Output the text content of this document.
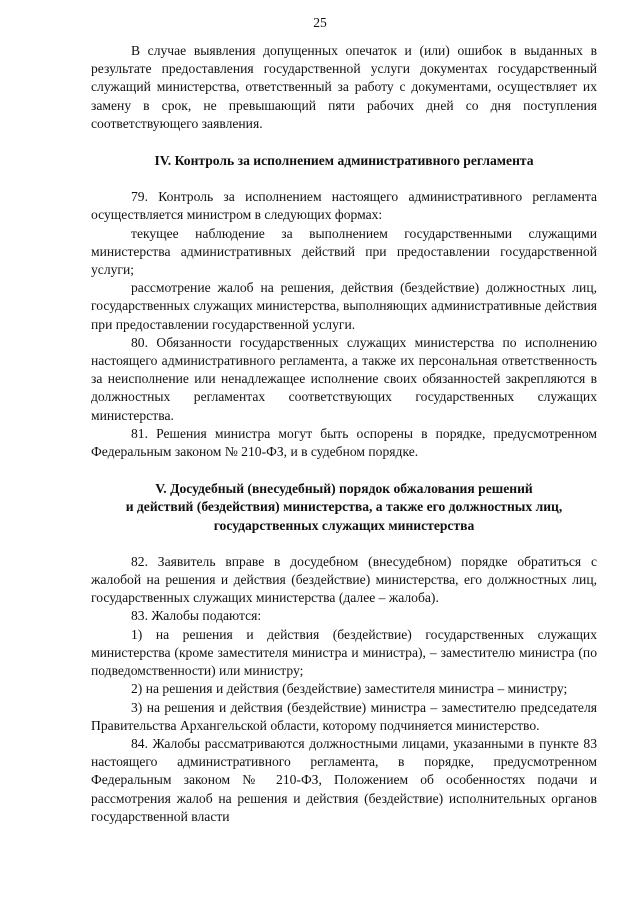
25

В случае выявления допущенных опечаток и (или) ошибок в выданных в результате предоставления государственной услуги документах государственный служащий министерства, ответственный за работу с документами, осуществляет их замену в срок, не превышающий пяти рабочих дней со дня поступления соответствующего заявления.

IV. Контроль за исполнением административного регламента

79. Контроль за исполнением настоящего административного регламента осуществляется министром в следующих формах:

текущее наблюдение за выполнением государственными служащими министерства административных действий при предоставлении государственной услуги;

рассмотрение жалоб на решения, действия (бездействие) должностных лиц, государственных служащих министерства, выполняющих административные действия при предоставлении государственной услуги.

80. Обязанности государственных служащих министерства по исполнению настоящего административного регламента, а также их персональная ответственность за неисполнение или ненадлежащее исполнение своих обязанностей закрепляются в должностных регламентах соответствующих государственных служащих министерства.

81. Решения министра могут быть оспорены в порядке, предусмотренном Федеральным законом № 210-ФЗ, и в судебном порядке.

V. Досудебный (внесудебный) порядок обжалования решений
и действий (бездействия) министерства, а также его должностных лиц,
государственных служащих министерства

82. Заявитель вправе в досудебном (внесудебном) порядке обратиться с жалобой на решения и действия (бездействие) министерства, его должностных лиц, государственных служащих министерства (далее – жалоба).

83. Жалобы подаются:

1) на решения и действия (бездействие) государственных служащих министерства (кроме заместителя министра и министра), – заместителю министра (по подведомственности) или министру;

2) на решения и действия (бездействие) заместителя министра – министру;

3) на решения и действия (бездействие) министра – заместителю председателя Правительства Архангельской области, которому подчиняется министерство.

84. Жалобы рассматриваются должностными лицами, указанными в пункте 83 настоящего административного регламента, в порядке, предусмотренном Федеральным законом № 210-ФЗ, Положением об особенностях подачи и рассмотрения жалоб на решения и действия (бездействие) исполнительных органов государственной власти
